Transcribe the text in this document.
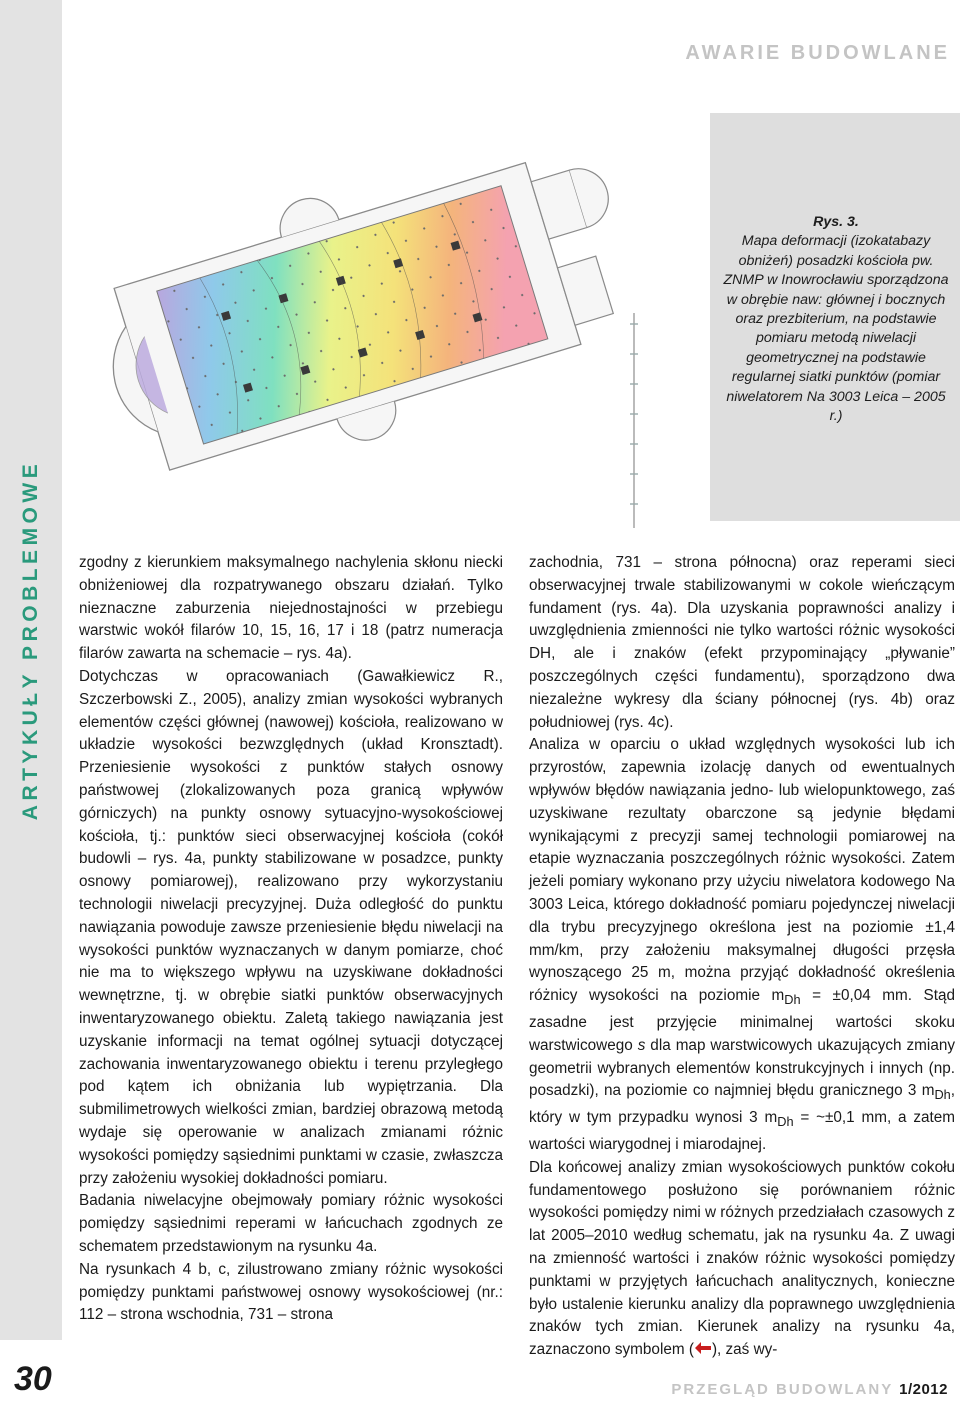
ARTYKUŁY PROBLEMOWE
30
AWARIE BUDOWLANE
Rys. 3.
Mapa deformacji (izokatabazy obniżeń) posadzki kościoła pw. ZNMP w Inowrocławiu sporządzona w obrębie naw: głównej i bocznych oraz prezbiterium, na podstawie pomiaru metodą niwelacji geometrycznej na podstawie regularnej siatki punktów (pomiar niwelatorem Na 3003 Leica – 2005 r.)

zgodny z kierunkiem maksymalnego nachylenia skłonu niecki obniżeniowej dla rozpatrywanego obszaru działań. Tylko nieznaczne zaburzenia niejednostajności w przebiegu warstwic wokół filarów 10, 15, 16, 17 i 18 (patrz numeracja filarów zawarta na schemacie – rys. 4a).

Dotychczas w opracowaniach (Gawałkiewicz R., Szczerbowski Z., 2005), analizy zmian wysokości wybranych elementów części głównej (nawowej) kościoła, realizowano w układzie wysokości bezwzględnych (układ Kronsztadt). Przeniesienie wysokości z punktów stałych osnowy państwowej (zlokalizowanych poza granicą wpływów górniczych) na punkty osnowy sytuacyjno-wysokościowej kościoła, tj.: punktów sieci obserwacyjnej kościoła (cokół budowli – rys. 4a, punkty stabilizowane w posadzce, punkty osnowy pomiarowej), realizowano przy wykorzystaniu technologii niwelacji precyzyjnej. Duża odległość do punktu nawiązania powoduje zawsze przeniesienie błędu niwelacji na wysokości punktów wyznaczanych w danym pomiarze, choć nie ma to większego wpływu na uzyskiwane dokładności wewnętrzne, tj. w obrębie siatki punktów obserwacyjnych inwentaryzowanego obiektu. Zaletą takiego nawiązania jest uzyskanie informacji na temat ogólnej sytuacji dotyczącej zachowania inwentaryzowanego obiektu i terenu przyległego pod kątem ich obniżania lub wypiętrzania. Dla submilimetrowych wielkości zmian, bardziej obrazową metodą wydaje się operowanie w analizach zmianami różnic wysokości pomiędzy sąsiednimi punktami w czasie, zwłaszcza przy założeniu wysokiej dokładności pomiaru.

Badania niwelacyjne obejmowały pomiary różnic wysokości pomiędzy sąsiednimi reperami w łańcuchach zgodnych ze schematem przedstawionym na rysunku 4a.

Na rysunkach 4 b, c, zilustrowano zmiany różnic wysokości pomiędzy punktami państwowej osnowy wysokościowej (nr.: 112 – strona wschodnia, 731 – strona

zachodnia, 731 – strona północna) oraz reperami sieci obserwacyjnej trwale stabilizowanymi w cokole wieńczącym fundament (rys. 4a). Dla uzyskania poprawności analizy i uwzględnienia zmienności nie tylko wartości różnic wysokości DH, ale i znaków (efekt przypominający „pływanie” poszczególnych części fundamentu), sporządzono dwa niezależne wykresy dla ściany północnej (rys. 4b) oraz południowej (rys. 4c).

Analiza w oparciu o układ względnych wysokości lub ich przyrostów, zapewnia izolację danych od ewentualnych wpływów błędów nawiązania jedno- lub wielopunktowego, zaś uzyskiwane rezultaty obarczone są jedynie błędami wynikającymi z precyzji samej technologii pomiarowej na etapie wyznaczania poszczególnych różnic wysokości. Zatem jeżeli pomiary wykonano przy użyciu niwelatora kodowego Na 3003 Leica, którego dokładność pomiaru pojedynczej niwelacji dla trybu precyzyjnego określona jest na poziomie ±1,4 mm/km, przy założeniu maksymalnej długości przęsła wynoszącego 25 m, można przyjąć dokładność określenia różnicy wysokości na poziomie $m_{Dh} = \pm 0,04$ mm. Stąd zasadne jest przyjęcie minimalnej wartości skoku warstwicowego s dla map warstwicowych ukazujących zmiany geometrii wybranych elementów konstrukcyjnych i innych (np. posadzki), na poziomie co najmniej błędu granicznego 3 $m_{Dh}$, który w tym przypadku wynosi 3 $m_{Dh}$ = ~±0,1 mm, a zatem wartości wiarygodnej i miarodajnej.

Dla końcowej analizy zmian wysokościowych punktów cokołu fundamentowego posłużono się porównaniem różnic wysokości pomiędzy nimi w różnych przedziałach czasowych z lat 2005–2010 według schematu, jak na rysunku 4a. Z uwagi na zmienność wartości i znaków różnic wysokości pomiędzy punktami w przyjętych łańcuchach analitycznych, konieczne było ustalenie kierunku analizy dla poprawnego uwzględnienia znaków tych zmian. Kierunek analizy na rysunku 4a, zaznaczono symbolem ( ), zaś wy-

PRZEGLĄD BUDOWLANY 1/2012
